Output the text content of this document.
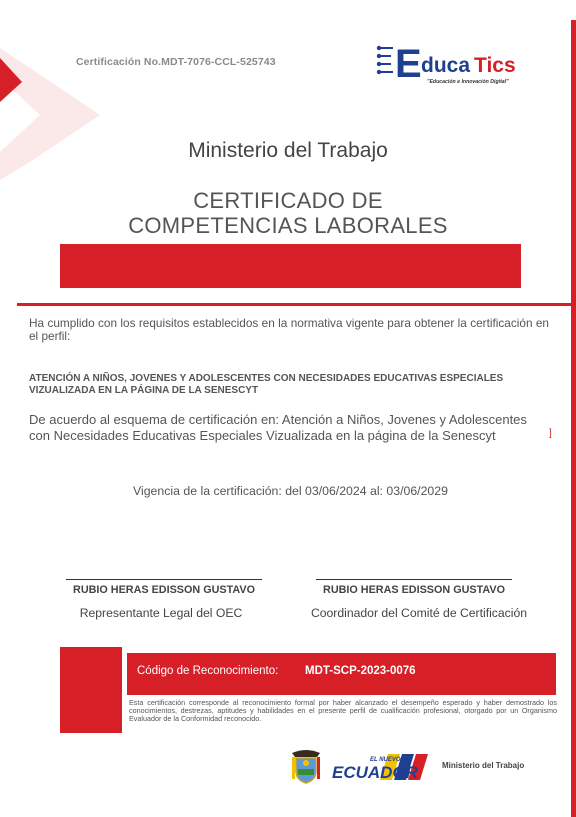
Certificación No.MDT-7076-CCL-525743	E duca Tics
"Educación e Innovación Digital"
Ministerio del Trabajo
CERTIFICADO DE
COMPETENCIAS LABORALES
Ha cumplido con los requisitos establecidos en la normativa vigente para obtener la certificación en el perfil:
ATENCIÓN A NIÑOS, JOVENES Y ADOLESCENTES CON NECESIDADES EDUCATIVAS ESPECIALES VIZUALIZADA EN LA PÁGINA DE LA SENESCYT
De acuerdo al esquema de certificación en: Atención a Niños, Jovenes y Adolescentes con Necesidades Educativas Especiales Vizualizada en la página de la Senescyt	]
Vigencia de la certificación: del 03/06/2024 al: 03/06/2029
RUBIO HERAS EDISSON GUSTAVO	RUBIO HERAS EDISSON GUSTAVO
Representante Legal del OEC	Coordinador del Comité de Certificación
Código de Reconocimiento: MDT-SCP-2023-0076
Esta certificación corresponde al reconocimiento formal por haber alcanzado el desempeño esperado y haber demostrado los conocimientos, destrezas, aptitudes y habilidades en el presente perfil de cualificación profesional, otorgado por un Organismo Evaluador de la Conformidad reconocido.
EL NUEVO
ECUADOR	Ministerio del Trabajo
